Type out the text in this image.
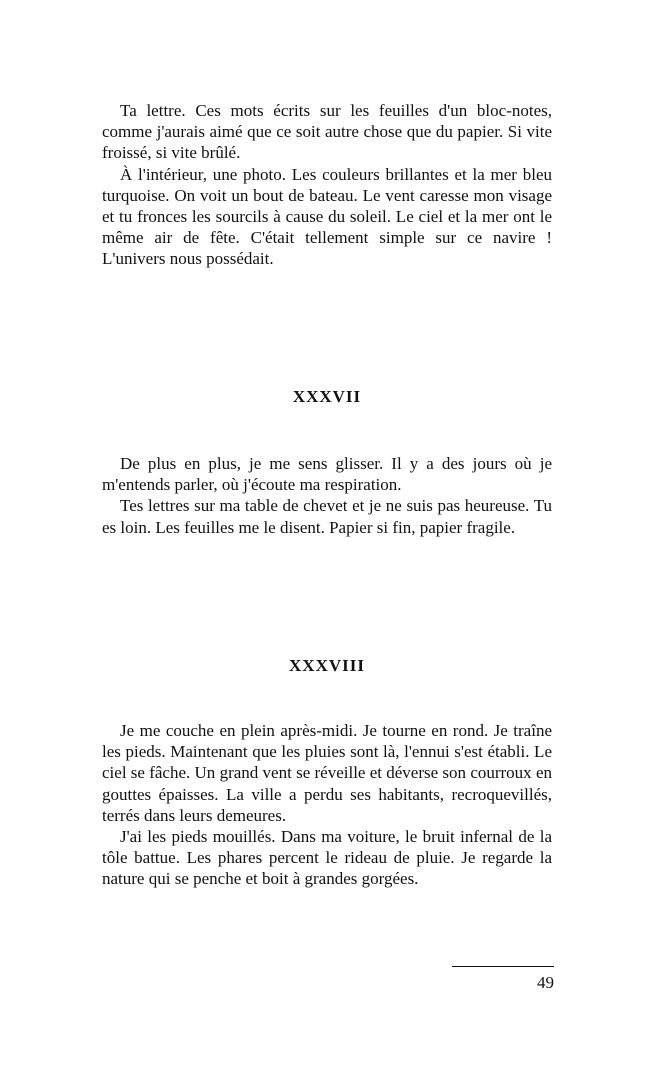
Ta lettre. Ces mots écrits sur les feuilles d'un bloc-notes, comme j'aurais aimé que ce soit autre chose que du papier. Si vite froissé, si vite brûlé.

À l'intérieur, une photo. Les couleurs brillantes et la mer bleu turquoise. On voit un bout de bateau. Le vent caresse mon visage et tu fronces les sourcils à cause du soleil. Le ciel et la mer ont le même air de fête. C'était tellement simple sur ce navire ! L'univers nous possédait.

XXXVII

De plus en plus, je me sens glisser. Il y a des jours où je m'entends parler, où j'écoute ma respiration.

Tes lettres sur ma table de chevet et je ne suis pas heureuse. Tu es loin. Les feuilles me le disent. Papier si fin, papier fragile.

XXXVIII

Je me couche en plein après-midi. Je tourne en rond. Je traîne les pieds. Maintenant que les pluies sont là, l'ennui s'est établi. Le ciel se fâche. Un grand vent se réveille et déverse son courroux en gouttes épaisses. La ville a perdu ses habitants, recroquevillés, terrés dans leurs demeures.

J'ai les pieds mouillés. Dans ma voiture, le bruit infernal de la tôle battue. Les phares percent le rideau de pluie. Je regarde la nature qui se penche et boit à grandes gorgées.

49
